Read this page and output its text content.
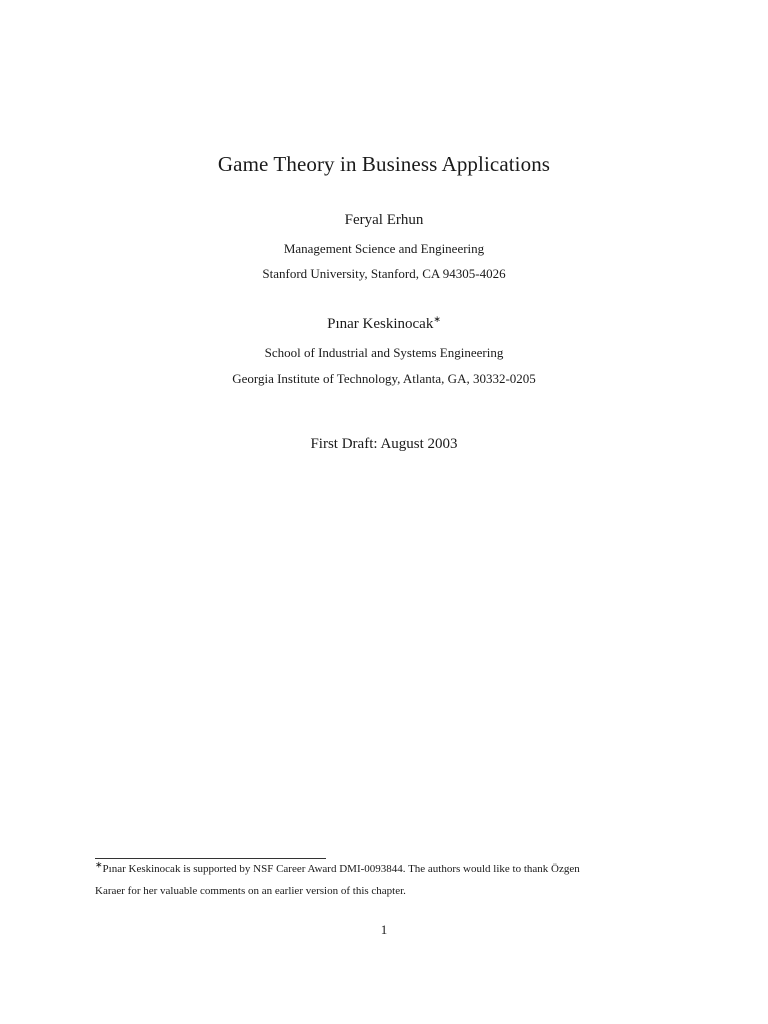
Game Theory in Business Applications
Feryal Erhun
Management Science and Engineering
Stanford University, Stanford, CA 94305-4026
Pınar Keskinocak∗
School of Industrial and Systems Engineering
Georgia Institute of Technology, Atlanta, GA, 30332-0205
First Draft: August 2003
∗Pınar Keskinocak is supported by NSF Career Award DMI-0093844. The authors would like to thank Özgen
Karaer for her valuable comments on an earlier version of this chapter.
1
